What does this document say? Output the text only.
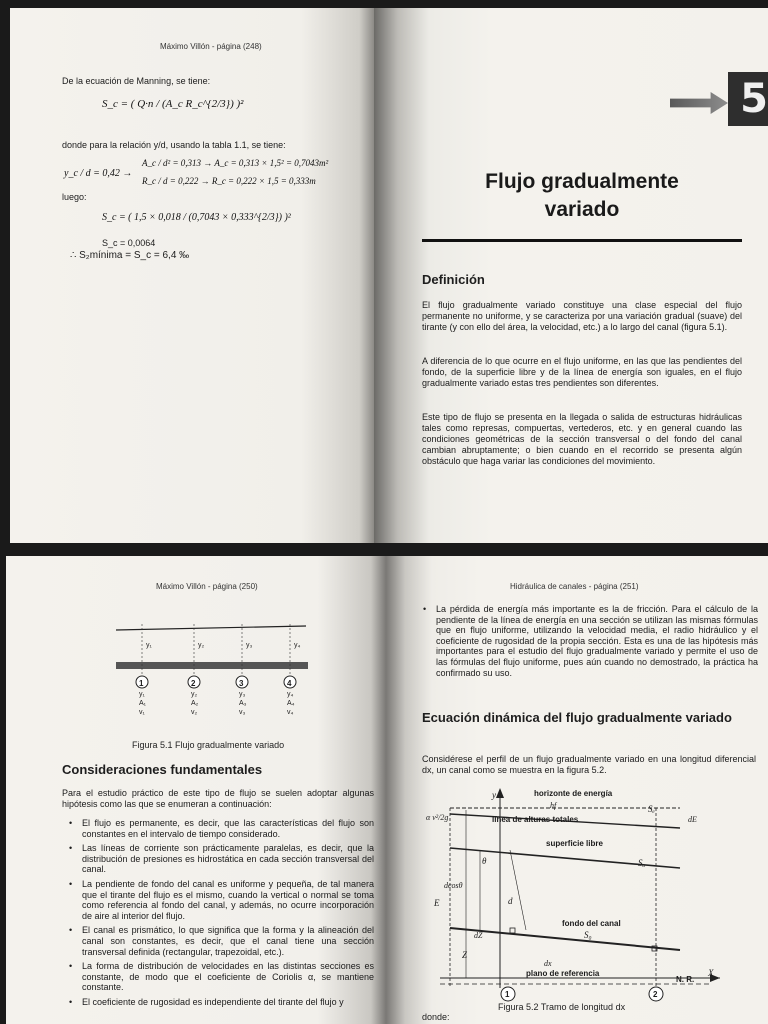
Máximo Villón - página (248)
De la ecuación de Manning, se tiene:
S_c = ( Q·n / (A_c R_c^{2/3}) )²
donde para la relación y/d, usando la tabla 1.1, se tiene:
y_c / d = 0,42 →
A_c / d² = 0,313 → A_c = 0,313 × 1,5² = 0,7043m²
R_c / d = 0,222 → R_c = 0,222 × 1,5 = 0,333m
luego:
S_c = ( 1,5 × 0,018 / (0,7043 × 0,333^{2/3}) )²
S_c = 0,0064
∴ S₂mínima = S_c = 6,4 ‰
5
Flujo gradualmente
variado
Definición
El flujo gradualmente variado constituye una clase especial del flujo permanente no uniforme, y se caracteriza por una variación gradual (suave) del tirante (y con ello del área, la velocidad, etc.) a lo largo del canal (figura 5.1).
A diferencia de lo que ocurre en el flujo uniforme, en las que las pendientes del fondo, de la superficie libre y de la línea de energía son iguales, en el flujo gradualmente variado estas tres pendientes son diferentes.
Este tipo de flujo se presenta en la llegada o salida de estructuras hidráulicas tales como represas, compuertas, vertederos, etc. y en general cuando las condiciones geométricas de la sección transversal o del fondo del canal cambian abruptamente; o bien cuando en el recorrido se presenta algún obstáculo que haga variar las condiciones del movimiento.
Máximo Villón - página (250)
1	2	3	4
y₁	y₂	y₃	y₄
y₁
A₁
v₁
y₂
A₂
v₂
y₃
A₃
v₃
y₄
A₄
v₄
Figura 5.1 Flujo gradualmente variado
Consideraciones fundamentales
Para el estudio práctico de este tipo de flujo se suelen adoptar algunas hipótesis como las que se enumeran a continuación:
• El flujo es permanente, es decir, que las características del flujo son constantes en el intervalo de tiempo considerado.
• Las líneas de corriente son prácticamente paralelas, es decir, que la distribución de presiones es hidrostática en cada sección transversal del canal.
• La pendiente de fondo del canal es uniforme y pequeña, de tal manera que el tirante del flujo es el mismo, cuando la vertical o normal se toma como referencia al fondo del canal, y además, no ocurre incorporación de aire al interior del flujo.
• El canal es prismático, lo que significa que la forma y la alineación del canal son constantes, es decir, que el canal tiene una sección transversal definida (rectangular, trapezoidal, etc.).
• La forma de distribución de velocidades en las distintas secciones es constante, de modo que el coeficiente de Coriolis α, se mantiene constante.
• El coeficiente de rugosidad es independiente del tirante del flujo y
Hidráulica de canales - página (251)
• La pérdida de energía más importante es la de fricción. Para el cálculo de la pendiente de la línea de energía en una sección se utilizan las mismas fórmulas que en flujo uniforme, utilizando la velocidad media, el radio hidráulico y el coeficiente de rugosidad de la propia sección. Esta es una de las hipótesis más importantes para el estudio del flujo gradualmente variado y permite el uso de las fórmulas del flujo uniforme, pues aún cuando no demostrado, la práctica ha confirmado su uso.
Ecuación dinámica del flujo gradualmente variado
Considérese el perfil de un flujo gradualmente variado en una longitud diferencial dx, un canal como se muestra en la figura 5.2.
horizonte de energía
hf	Sₑ
dE
α v²/2g	línea de alturas totales
superficie libre
Sₐ
θ
dcosθ
d
E
y
fondo del canal
S₀
dZ
Z
dx
X
plano de referencia
N. R.
1	2
Figura 5.2 Tramo de longitud dx
donde:
